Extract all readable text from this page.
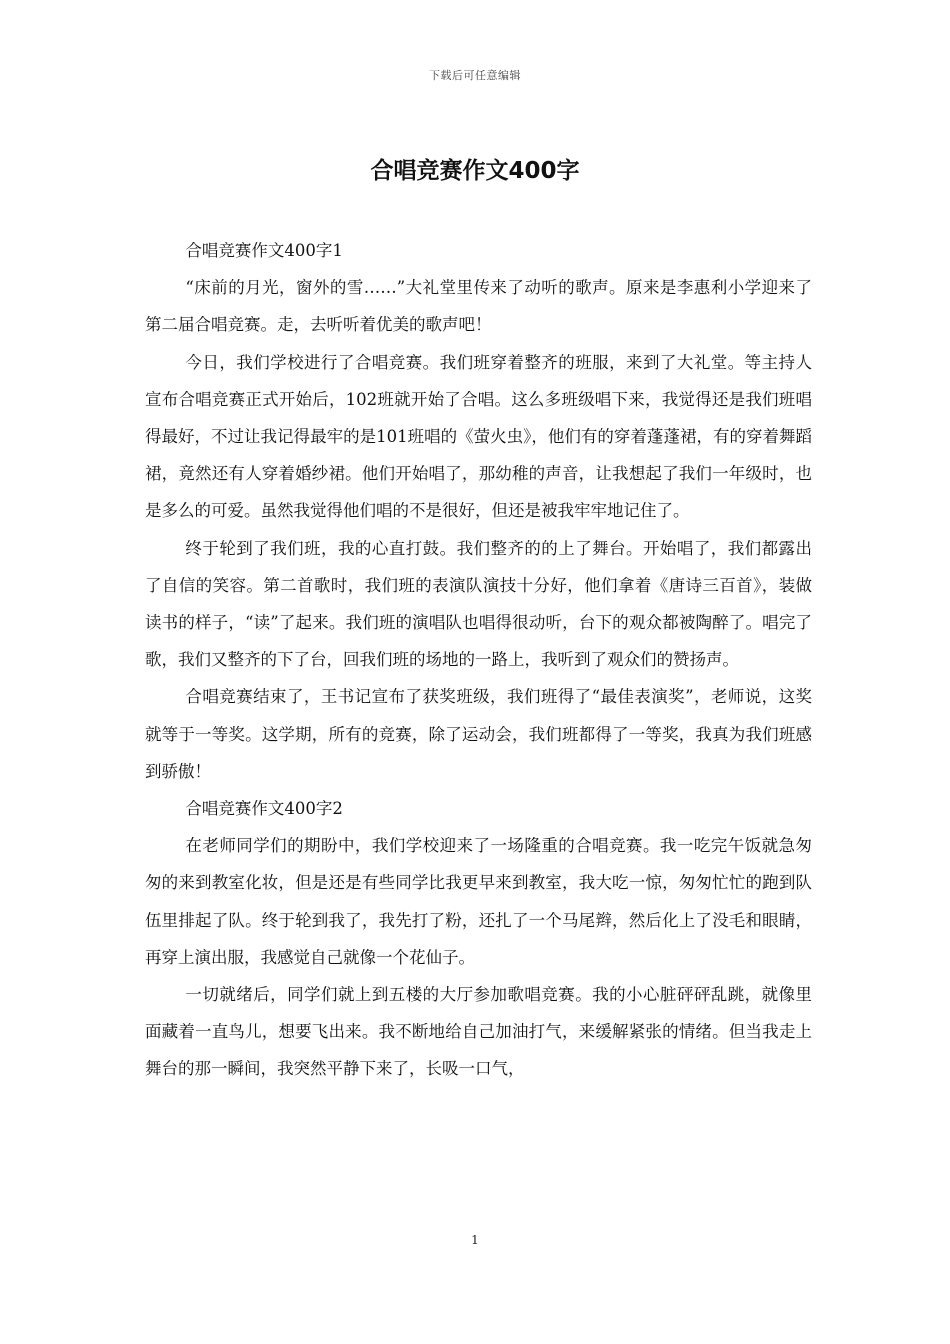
下载后可任意编辑
合唱竞赛作文400字

合唱竞赛作文400字1

“床前的月光，窗外的雪……”大礼堂里传来了动听的歌声。原来是李惠利小学迎来了第二届合唱竞赛。走，去听听着优美的歌声吧！

今日，我们学校进行了合唱竞赛。我们班穿着整齐的班服，来到了大礼堂。等主持人宣布合唱竞赛正式开始后，102班就开始了合唱。这么多班级唱下来，我觉得还是我们班唱得最好，不过让我记得最牢的是101班唱的《萤火虫》，他们有的穿着蓬蓬裙，有的穿着舞蹈裙，竟然还有人穿着婚纱裙。他们开始唱了，那幼稚的声音，让我想起了我们一年级时，也是多么的可爱。虽然我觉得他们唱的不是很好，但还是被我牢牢地记住了。

终于轮到了我们班，我的心直打鼓。我们整齐的的上了舞台。开始唱了，我们都露出了自信的笑容。第二首歌时，我们班的表演队演技十分好，他们拿着《唐诗三百首》，装做读书的样子，“读”了起来。我们班的演唱队也唱得很动听，台下的观众都被陶醉了。唱完了歌，我们又整齐的下了台，回我们班的场地的一路上，我听到了观众们的赞扬声。

合唱竞赛结束了，王书记宣布了获奖班级，我们班得了“最佳表演奖”，老师说，这奖就等于一等奖。这学期，所有的竞赛，除了运动会，我们班都得了一等奖，我真为我们班感到骄傲！

合唱竞赛作文400字2

在老师同学们的期盼中，我们学校迎来了一场隆重的合唱竞赛。我一吃完午饭就急匆匆的来到教室化妆，但是还是有些同学比我更早来到教室，我大吃一惊，匆匆忙忙的跑到队伍里排起了队。终于轮到我了，我先打了粉，还扎了一个马尾辫，然后化上了没毛和眼睛，再穿上演出服，我感觉自己就像一个花仙子。

一切就绪后，同学们就上到五楼的大厅参加歌唱竞赛。我的小心脏砰砰乱跳，就像里面藏着一直鸟儿，想要飞出来。我不断地给自己加油打气，来缓解紧张的情绪。但当我走上舞台的那一瞬间，我突然平静下来了，长吸一口气，

1
